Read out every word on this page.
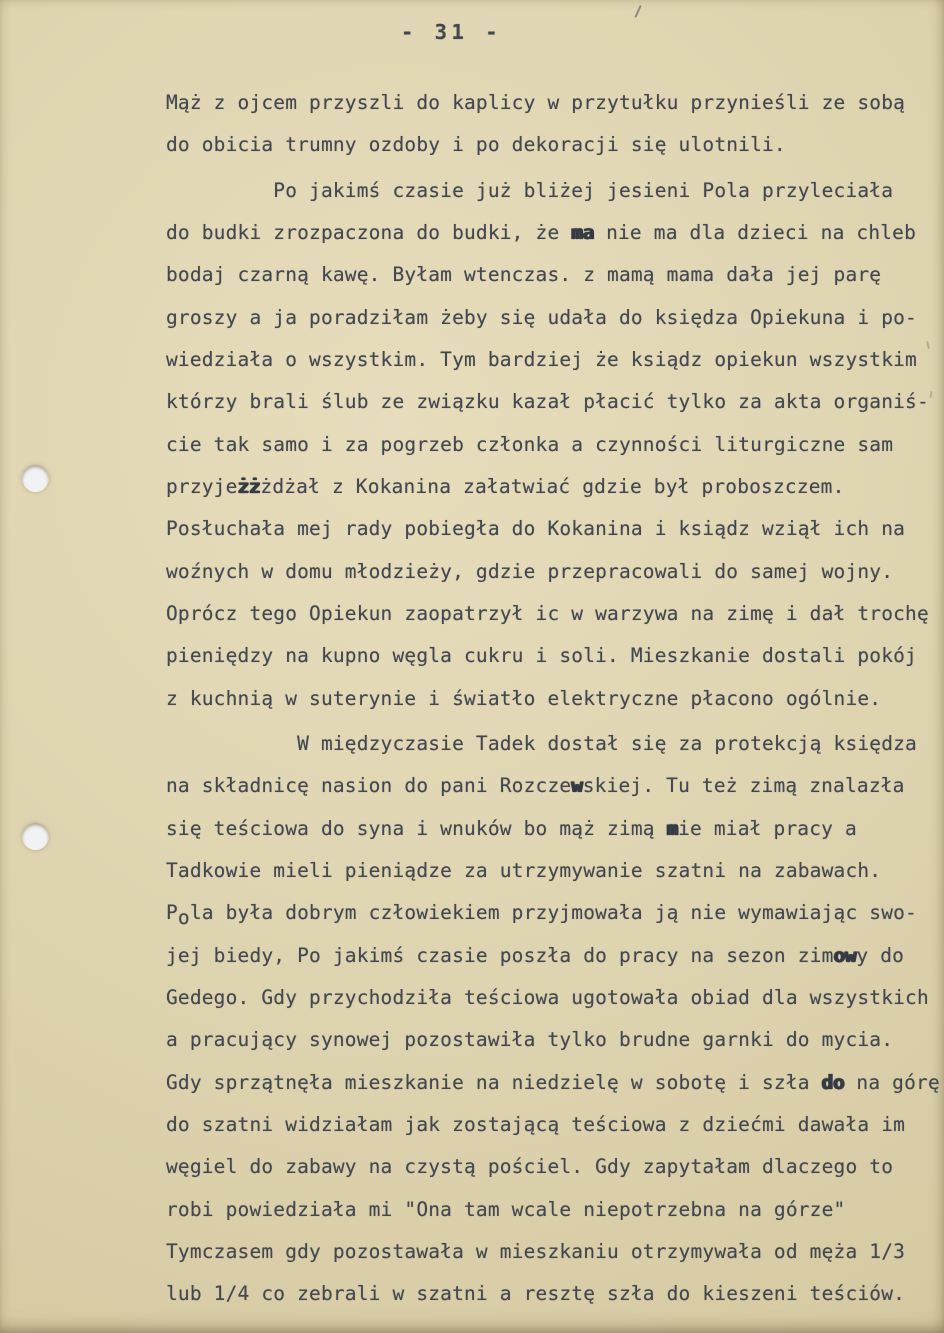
- 31 -
Mąż z ojcem przyszli do kaplicy w przytułku przynieśli ze sobą
do obicia trumny ozdoby i po dekoracji się ulotnili.
Po jakimś czasie już bliżej jesieni Pola przyleciała
do budki zrozpaczona do budki, że ma nie ma dla dzieci na chleb
bodaj czarną kawę. Byłam wtenczas. z mamą mama dała jej parę
groszy a ja poradziłam żeby się udała do księdza Opiekuna i po-
wiedziała o wszystkim. Tym bardziej że ksiądz opiekun wszystkim
którzy brali ślub ze związku kazał płacić tylko za akta organiś-
cie tak samo i za pogrzeb członka a czynności liturgiczne sam
przyjeżżżdżał z Kokanina załatwiać gdzie był proboszczem.
Posłuchała mej rady pobiegła do Kokanina i ksiądz wziął ich na
woźnych w domu młodzieży, gdzie przepracowali do samej wojny.
Oprócz tego Opiekun zaopatrzył ic w warzywa na zimę i dał trochę
pieniędzy na kupno węgla cukru i soli. Mieszkanie dostali pokój
z kuchnią w suterynie i światło elektryczne płacono ogólnie.
W międzyczasie Tadek dostał się za protekcją księdza
na składnicę nasion do pani Rozczewskiej. Tu też zimą znalazła
się teściowa do syna i wnuków bo mąż zimą mie miał pracy a
Tadkowie mieli pieniądze za utrzymywanie szatni na zabawach.
Pola była dobrym człowiekiem przyjmowała ją nie wymawiając swo-
jej biedy, Po jakimś czasie poszła do pracy na sezon zimowy do
Gedego. Gdy przychodziła teściowa ugotowała obiad dla wszystkich
a pracujący synowej pozostawiła tylko brudne garnki do mycia.
Gdy sprzątnęła mieszkanie na niedzielę w sobotę i szła do na górę
do szatni widziałam jak zostającą teściowa z dziećmi dawała im
węgiel do zabawy na czystą pościel. Gdy zapytałam dlaczego to
robi powiedziała mi "Ona tam wcale niepotrzebna na górze"
Tymczasem gdy pozostawała w mieszkaniu otrzymywała od męża 1/3
lub 1/4 co zebrali w szatni a resztę szła do kieszeni teściów.
